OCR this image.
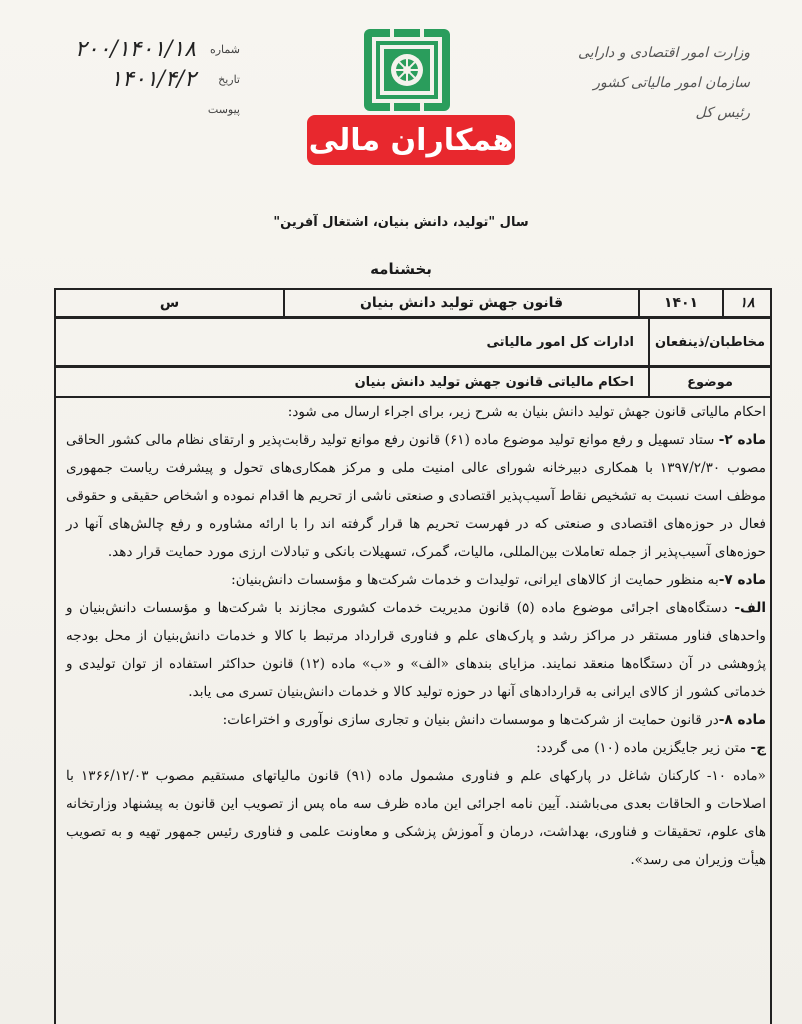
شماره
۲۰۰/۱۴۰۱/۱۸
تاریخ
۱۴۰۱/۴/۲
پیوست
همکاران مالی
وزارت امور اقتصادی و دارایی
سازمان امور مالیاتی کشور
رئیس کل
سال "تولید، دانش بنیان، اشتغال آفرین"
بخشنامه
۱۸
۱۴۰۱
قانون جهش تولید دانش بنیان
س
مخاطبان/ذینفعان
ادارات کل امور مالیاتی
موضوع
احکام مالیاتی قانون جهش تولید دانش بنیان

احکام مالیاتی قانون جهش تولید دانش بنیان به شرح زیر، برای اجراء ارسال می شود:

ماده ۲- ستاد تسهیل و رفع موانع تولید موضوع ماده (۶۱) قانون رفع موانع تولید رقابت‌پذیر و ارتقای نظام مالی کشور الحاقی مصوب ۱۳۹۷/۲/۳۰ با همکاری دبیرخانه شورای عالی امنیت ملی و مرکز همکاری‌های تحول و پیشرفت ریاست جمهوری موظف است نسبت به تشخیص نقاط آسیب‌پذیر اقتصادی و صنعتی ناشی از تحریم ها اقدام نموده و اشخاص حقیقی و حقوقی فعال در حوزه‌های اقتصادی و صنعتی که در فهرست تحریم ها قرار گرفته اند را با ارائه مشاوره و رفع چالش‌های آنها در حوزه‌های آسیب‌پذیر از جمله تعاملات بین‌المللی، مالیات، گمرک، تسهیلات بانکی و تبادلات ارزی مورد حمایت قرار دهد.

ماده ۷-به منظور حمایت از کالاهای ایرانی، تولیدات و خدمات شرکت‌ها و مؤسسات دانش‌بنیان:

الف- دستگاه‌های اجرائی موضوع ماده (۵) قانون مدیریت خدمات کشوری مجازند با شرکت‌ها و مؤسسات دانش‌بنیان و واحدهای فناور مستقر در مراکز رشد و پارک‌های علم و فناوری قرارداد مرتبط با کالا و خدمات دانش‌بنیان از محل بودجه پژوهشی در آن دستگاه‌ها منعقد نمایند. مزایای بندهای «الف» و «ب» ماده (۱۲) قانون حداکثر استفاده از توان تولیدی و خدماتی کشور از کالای ایرانی به قراردادهای آنها در حوزه تولید کالا و خدمات دانش‌بنیان تسری می یابد.

ماده ۸-در قانون حمایت از شرکت‌ها و موسسات دانش بنیان و تجاری سازی نوآوری و اختراعات:

ج- متن زیر جایگزین ماده (۱۰) می گردد:

«ماده ۱۰- کارکنان شاغل در پارکهای علم و فناوری مشمول ماده (۹۱) قانون مالیاتهای مستقیم مصوب ۱۳۶۶/۱۲/۰۳ با اصلاحات و الحاقات بعدی می‌باشند. آیین نامه اجرائی این ماده ظرف سه ماه پس از تصویب این قانون به پیشنهاد وزارتخانه های علوم، تحقیقات و فناوری، بهداشت، درمان و آموزش پزشکی و معاونت علمی و فناوری رئیس جمهور تهیه و به تصویب هیأت وزیران می رسد».
